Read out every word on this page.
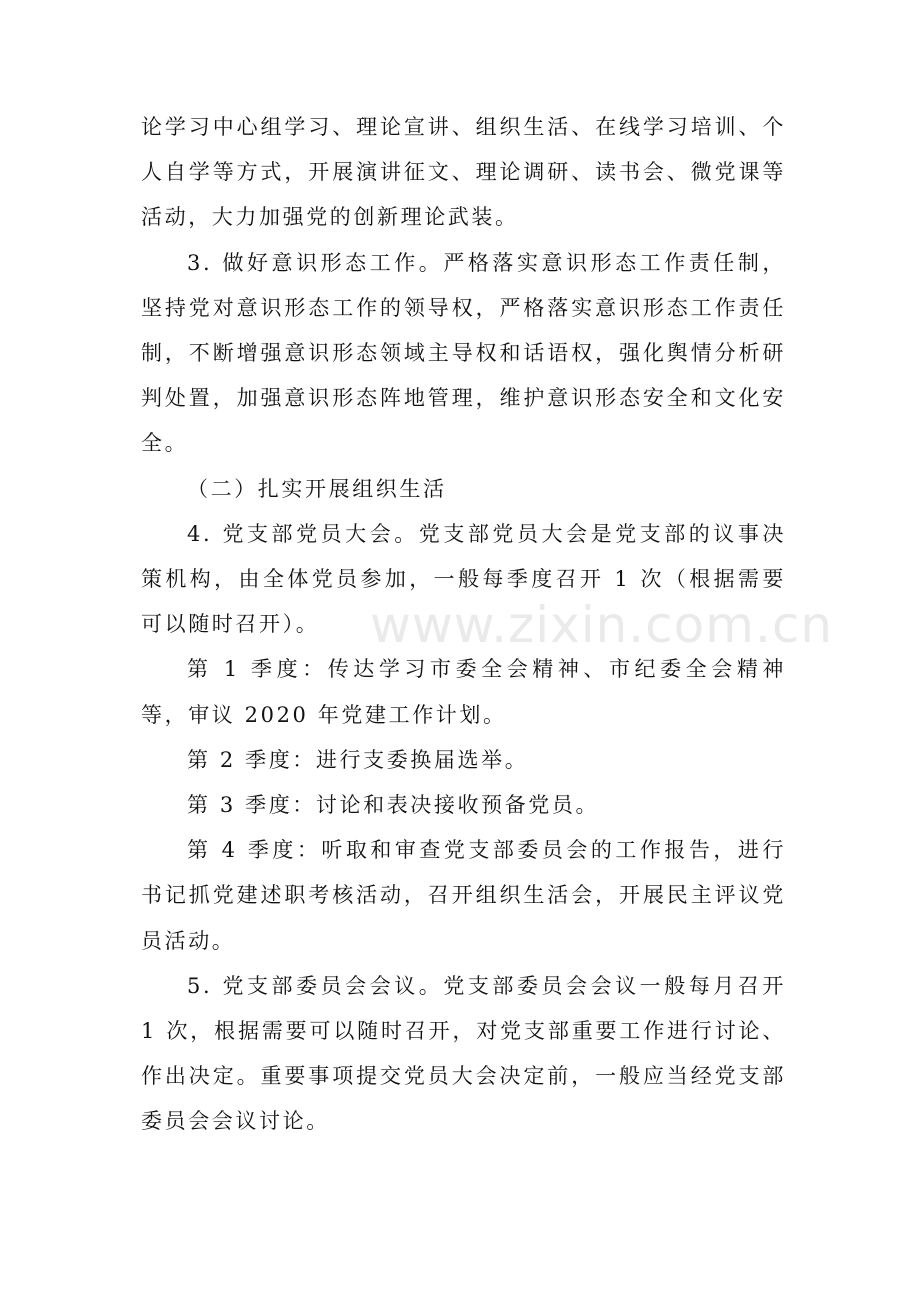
论学习中心组学习、理论宣讲、组织生活、在线学习培训、个人自学等方式，开展演讲征文、理论调研、读书会、微党课等活动，大力加强党的创新理论武装。

3. 做好意识形态工作。严格落实意识形态工作责任制，坚持党对意识形态工作的领导权，严格落实意识形态工作责任制，不断增强意识形态领域主导权和话语权，强化舆情分析研判处置，加强意识形态阵地管理，维护意识形态安全和文化安全。

（二）扎实开展组织生活

4. 党支部党员大会。党支部党员大会是党支部的议事决策机构，由全体党员参加，一般每季度召开 1 次（根据需要可以随时召开）。

第 1 季度：传达学习市委全会精神、市纪委全会精神等，审议 2020 年党建工作计划。

第 2 季度：进行支委换届选举。

第 3 季度：讨论和表决接收预备党员。

第 4 季度：听取和审查党支部委员会的工作报告，进行书记抓党建述职考核活动，召开组织生活会，开展民主评议党员活动。

5. 党支部委员会会议。党支部委员会会议一般每月召开 1 次，根据需要可以随时召开，对党支部重要工作进行讨论、作出决定。重要事项提交党员大会决定前，一般应当经党支部委员会会议讨论。

www.zixin.com.cn
